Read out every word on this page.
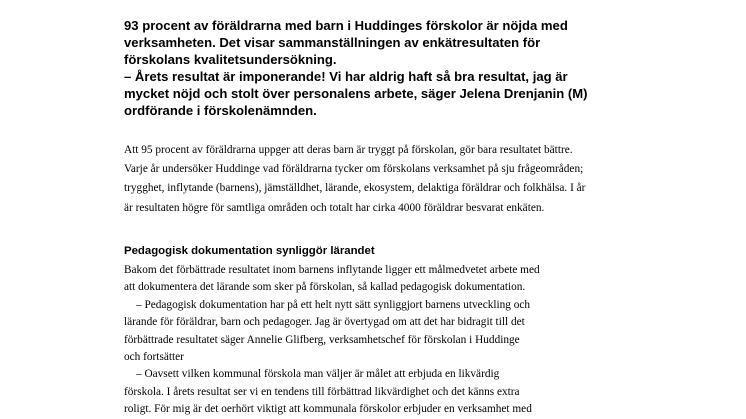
93 procent av föräldrarna med barn i Huddinges förskolor är nöjda med verksamheten. Det visar sammanställningen av enkätresultaten för förskolans kvalitetsundersökning.

– Årets resultat är imponerande! Vi har aldrig haft så bra resultat, jag är mycket nöjd och stolt över personalens arbete, säger Jelena Drenjanin (M) ordförande i förskolenämnden.

Att 95 procent av föräldrarna uppger att deras barn är tryggt på förskolan, gör bara resultatet bättre. Varje år undersöker Huddinge vad föräldrarna tycker om förskolans verksamhet på sju frågeområden; trygghet, inflytande (barnens), jämställdhet, lärande, ekosystem, delaktiga föräldrar och folkhälsa. I år är resultaten högre för samtliga områden och totalt har cirka 4000 föräldrar besvarat enkäten.
Pedagogisk dokumentation synliggör lärandet
Bakom det förbättrade resultatet inom barnens inflytande ligger ett målmedvetet arbete med
att dokumentera det lärande som sker på förskolan, så kallad pedagogisk dokumentation.
– Pedagogisk dokumentation har på ett helt nytt sätt synliggjort barnens utveckling och
lärande för föräldrar, barn och pedagoger. Jag är övertygad om att det har bidragit till det
förbättrade resultatet säger Annelie Glifberg, verksamhetschef för förskolan i Huddinge
och fortsätter
– Oavsett vilken kommunal förskola man väljer är målet att erbjuda en likvärdig
förskola. I årets resultat ser vi en tendens till förbättrad likvärdighet och det känns extra
roligt. För mig är det oerhört viktigt att kommunala förskolor erbjuder en verksamhet med
